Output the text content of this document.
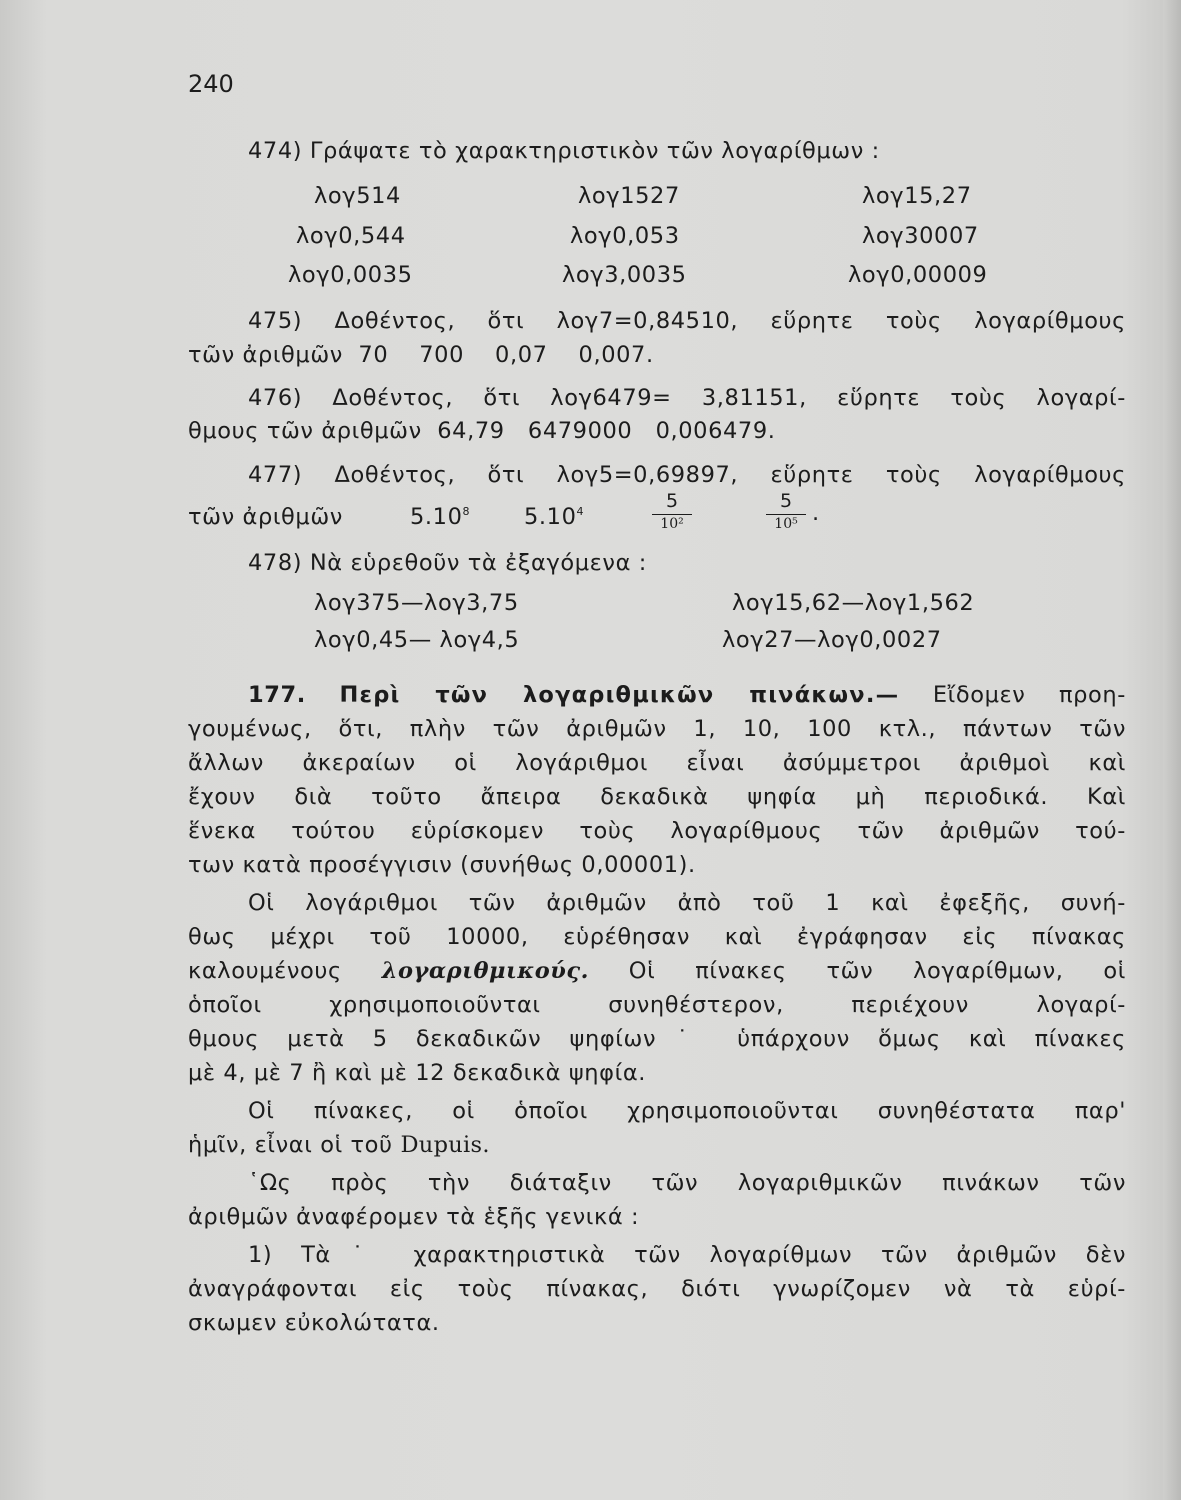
240
474) Γράψατε τὸ χαρακτηριστικὸν τῶν λογαρίθμων :
λογ514	λογ1527	λογ15,27
λογ0,544	λογ0,053	λογ30007
λογ0,0035	λογ3,0035	λογ0,00009
475) Δοθέντος, ὅτι λογ7=0,84510, εὕρητε τοὺς λογαρίθμους
τῶν ἀριθμῶν  70    700    0,07    0,007.
476) Δοθέντος, ὅτι λογ6479= 3,81151, εὕρητε τοὺς λογαρί-
θμους τῶν ἀριθμῶν  64,79   6479000   0,006479.
477) Δοθέντος, ὅτι λογ5=0,69897, εὕρητε τοὺς λογαρίθμους
τῶν ἀριθμῶν	5.10$^8$ 5.10$^4$	5
10²
5
10⁵ .
478) Νὰ εὑρεθοῦν τὰ ἐξαγόμενα :
λογ375—λογ3,75	λογ15,62—λογ1,562
λογ0,45— λογ4,5	λογ27—λογ0,0027
177. Περὶ τῶν λογαριθμικῶν πινάκων.— Εἴδομεν προη-
γουμένως, ὅτι, πλὴν τῶν ἀριθμῶν 1, 10, 100 κτλ., πάντων τῶν
ἄλλων ἀκεραίων οἱ λογάριθμοι εἶναι ἀσύμμετροι ἀριθμοὶ καὶ
ἔχουν διὰ τοῦτο ἄπειρα δεκαδικὰ ψηφία μὴ περιοδικά. Καὶ
ἕνεκα τούτου εὑρίσκομεν τοὺς λογαρίθμους τῶν ἀριθμῶν τού-
των κατὰ προσέγγισιν (συνήθως 0,00001).
Οἱ λογάριθμοι τῶν ἀριθμῶν ἀπὸ τοῦ 1 καὶ ἐφεξῆς, συνή-
θως μέχρι τοῦ 10000, εὑρέθησαν καὶ ἐγράφησαν εἰς πίνακας
καλουμένους λογαριθμικούς. Οἱ πίνακες τῶν λογαρίθμων, οἱ
ὁποῖοι χρησιμοποιοῦνται συνηθέστερον, περιέχουν λογαρί-
θμους μετὰ 5 δεκαδικῶν ψηφίων˙ ὑπάρχουν ὅμως καὶ πίνακες
μὲ 4, μὲ 7 ἢ καὶ μὲ 12 δεκαδικὰ ψηφία.
Οἱ πίνακες, οἱ ὁποῖοι χρησιμοποιοῦνται συνηθέστατα παρ'
ἡμῖν, εἶναι οἱ τοῦ Dupuis.
῾Ως πρὸς τὴν διάταξιν τῶν λογαριθμικῶν πινάκων τῶν
ἀριθμῶν ἀναφέρομεν τὰ ἑξῆς γενικά :
1) Τὰ˙ χαρακτηριστικὰ τῶν λογαρίθμων τῶν ἀριθμῶν δὲν
ἀναγράφονται εἰς τοὺς πίνακας, διότι γνωρίζομεν νὰ τὰ εὑρί-
σκωμεν εὐκολώτατα.
